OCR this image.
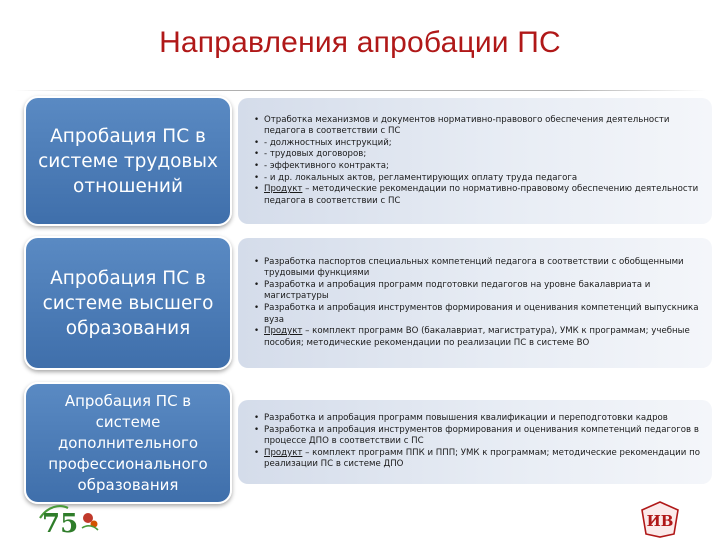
Направления апробации ПС
Апробация ПС в системе трудовых отношений
• Отработка механизмов и документов нормативно-правового обеспечения деятельности педагога в соответствии с ПС
• - должностных инструкций;
• - трудовых договоров;
• - эффективного контракта;
• - и др. локальных актов, регламентирующих оплату труда педагога
• Продукт – методические рекомендации по нормативно-правовому обеспечению деятельности педагога в соответствии с ПС
Апробация ПС в системе высшего образования
• Разработка паспортов специальных компетенций педагога в соответствии с обобщенными трудовыми функциями
• Разработка и апробация программ подготовки педагогов на уровне бакалавриата и магистратуры
• Разработка и апробация инструментов формирования и оценивания компетенций выпускника вуза
• Продукт – комплект программ ВО (бакалавриат, магистратура), УМК к программам; учебные пособия; методические рекомендации по реализации ПС в системе ВО
Апробация ПС в системе дополнительного профессионального образования
• Разработка и апробация программ повышения квалификации и переподготовки кадров
• Разработка и апробация инструментов формирования и оценивания компетенций педагогов в процессе ДПО в соответствии с ПС
• Продукт – комплект программ ППК и ППП; УМК к программам; методические рекомендации по реализации ПС в системе ДПО
75	ИВ
